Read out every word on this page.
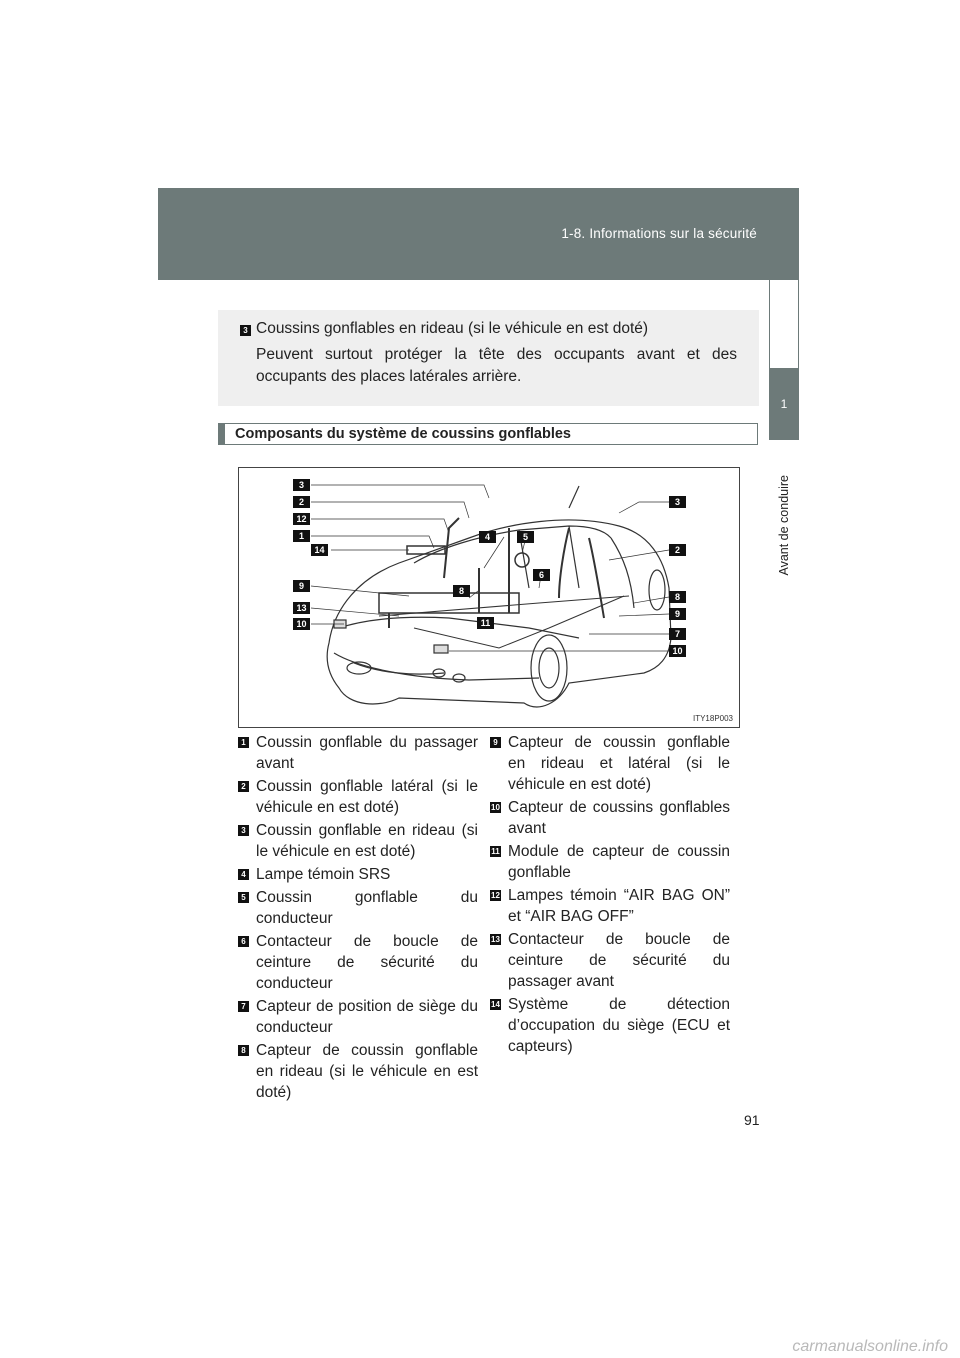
1-8. Informations sur la sécurité
1
Avant de conduire
3 Coussins gonflables en rideau (si le véhicule en est doté)
Peuvent surtout protéger la tête des occupants avant et des occupants des places latérales arrière.
Composants du système de coussins gonflables
3
2
12
1
14
4	5
6
8
11
9
13
10
3
2
8
9
7
10
ITY18P003
1 Coussin gonflable du passager avant
2 Coussin gonflable latéral (si le véhicule en est doté)
3 Coussin gonflable en rideau (si le véhicule en est doté)
4 Lampe témoin SRS
5 Coussin gonflable du conducteur
6 Contacteur de boucle de ceinture de sécurité du conducteur
7 Capteur de position de siège du conducteur
8 Capteur de coussin gonflable en rideau (si le véhicule en est doté)
9 Capteur de coussin gonflable en rideau et latéral (si le véhicule en est doté)
10 Capteur de coussins gonflables avant
11 Module de capteur de coussin gonflable
12 Lampes témoin “AIR BAG ON” et “AIR BAG OFF”
13 Contacteur de boucle de ceinture de sécurité du passager avant
14 Système de détection d’occupation du siège (ECU et capteurs)
91
carmanualsonline.info
